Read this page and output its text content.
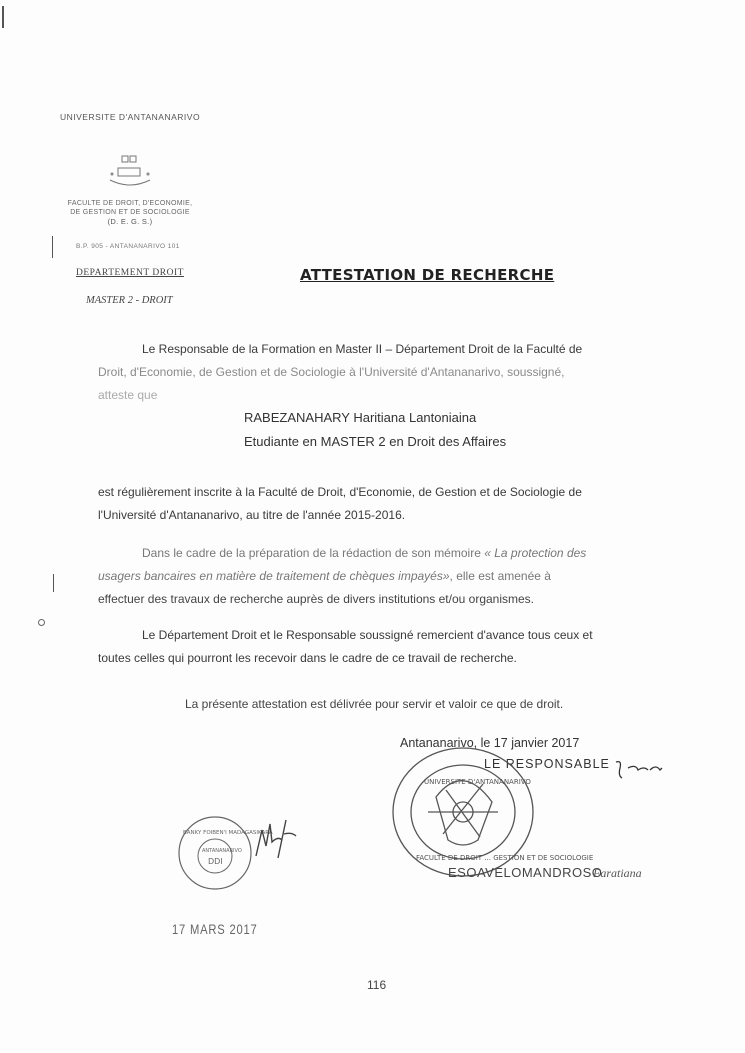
UNIVERSITE D'ANTANANARIVO
FACULTE DE DROIT, D'ECONOMIE,
DE GESTION ET DE SOCIOLOGIE
(D. E. G. S.)
B.P. 905 - ANTANANARIVO 101
DEPARTEMENT DROIT
MASTER 2 - DROIT
ATTESTATION DE RECHERCHE
Le Responsable de la Formation en Master II – Département Droit de la Faculté de
Droit, d'Economie, de Gestion et de Sociologie à l'Université d'Antananarivo, soussigné,
atteste que
RABEZANAHARY Haritiana Lantoniaina
Etudiante en MASTER 2 en Droit des Affaires
est régulièrement inscrite à la Faculté de Droit, d'Economie, de Gestion et de Sociologie de
l'Université d'Antananarivo, au titre de l'année 2015-2016.
Dans le cadre de la préparation de la rédaction de son mémoire « La protection des
usagers bancaires en matière de traitement de chèques impayés», elle est amenée à
effectuer des travaux de recherche auprès de divers institutions et/ou organismes.
Le Département Droit et le Responsable soussigné remercient d'avance tous ceux et
toutes celles qui pourront les recevoir dans le cadre de ce travail de recherche.
La présente attestation est délivrée pour servir et valoir ce que de droit.
Antananarivo, le 17 janvier 2017
LE RESPONSABLE
UNIVERSITE D'ANTANANARIVO FACULTE DE DROIT ... GESTION ET DE SOCIOLOGIE
ESOAVELOMANDROSO
Faratiana
BANKY FOIBEN'I MADAGASIKARA ANTANANARIVO DDI
17 MARS 2017
116
